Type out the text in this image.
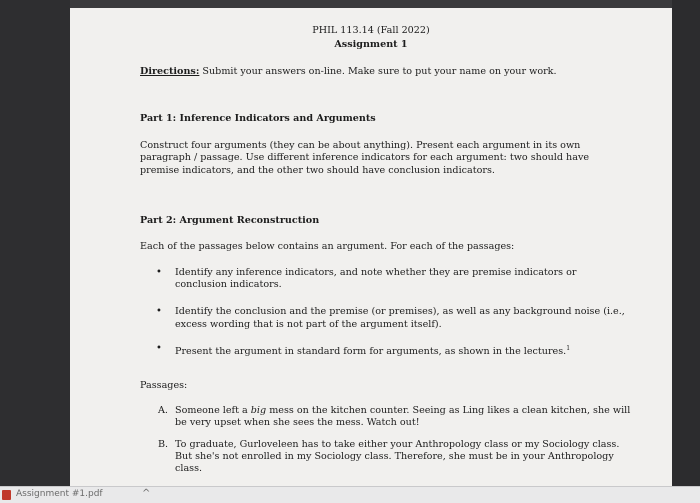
PHIL 113.14 (Fall 2022)
Assignment 1
Directions: Submit your answers on-line. Make sure to put your name on your work.
Part 1: Inference Indicators and Arguments
Construct four arguments (they can be about anything). Present each argument in its own
paragraph / passage. Use different inference indicators for each argument: two should have
premise indicators, and the other two should have conclusion indicators.
Part 2: Argument Reconstruction
Each of the passages below contains an argument. For each of the passages:
• Identify any inference indicators, and note whether they are premise indicators or
conclusion indicators.
• Identify the conclusion and the premise (or premises), as well as any background noise (i.e.,
excess wording that is not part of the argument itself).
• Present the argument in standard form for arguments, as shown in the lectures.$^1$
Passages:
A. Someone left a big mess on the kitchen counter. Seeing as Ling likes a clean kitchen, she will
be very upset when she sees the mess. Watch out!
B. To graduate, Gurloveleen has to take either your Anthropology class or my Sociology class.
But she's not enrolled in my Sociology class. Therefore, she must be in your Anthropology
class.
Assignment #1.pdf	^
